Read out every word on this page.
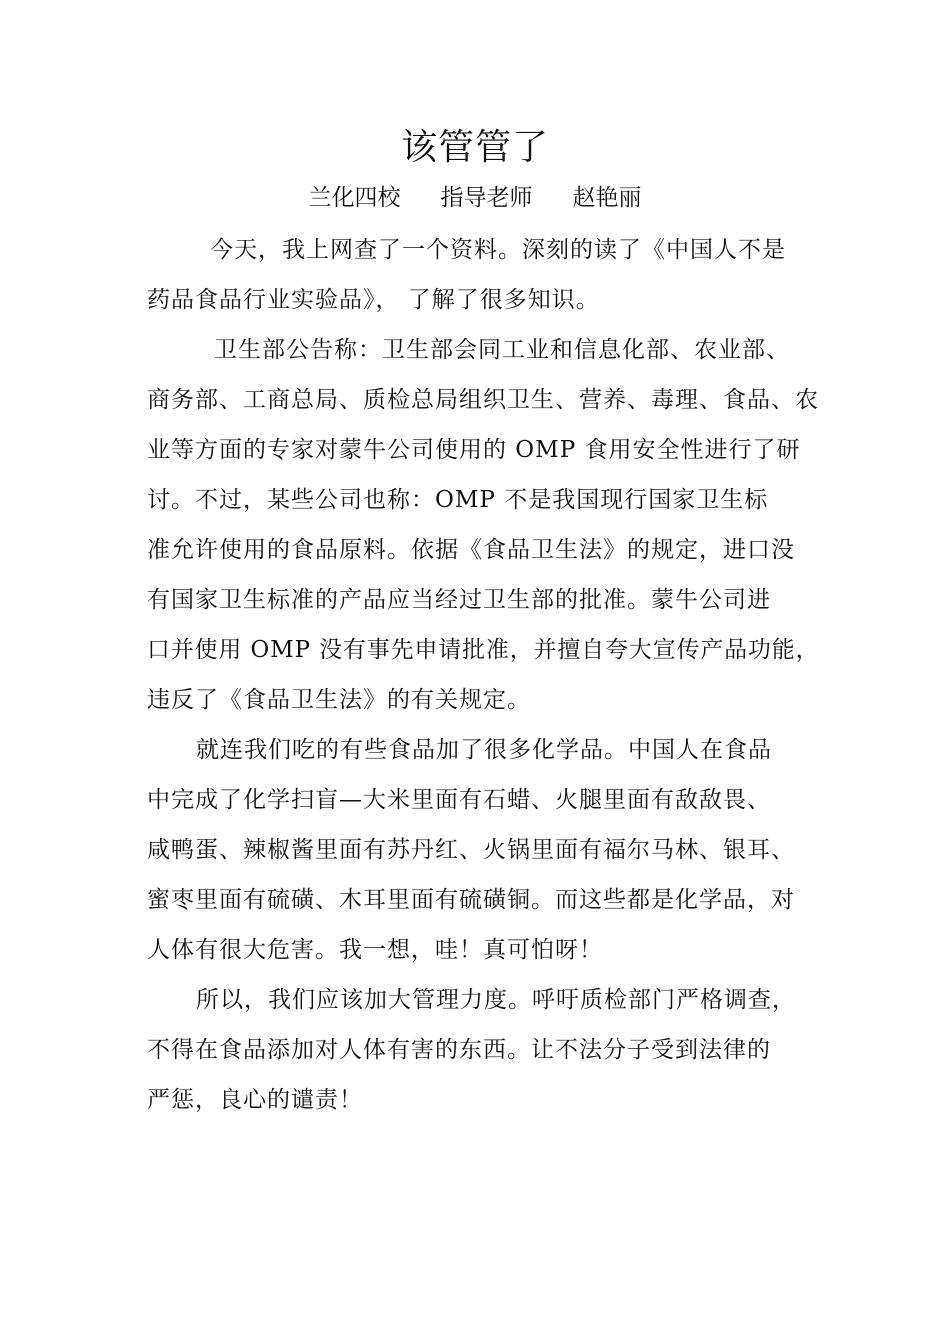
该管管了
兰化四校 指导老师 赵艳丽
今天，我上网查了一个资料。深刻的读了《中国人不是
药品食品行业实验品》， 了解了很多知识。
卫生部公告称：卫生部会同工业和信息化部、农业部、
商务部、工商总局、质检总局组织卫生、营养、毒理、食品、农
业等方面的专家对蒙牛公司使用的 OMP 食用安全性进行了研
讨。不过，某些公司也称：OMP 不是我国现行国家卫生标
准允许使用的食品原料。依据《食品卫生法》的规定，进口没
有国家卫生标准的产品应当经过卫生部的批准。蒙牛公司进
口并使用 OMP 没有事先申请批准，并擅自夸大宣传产品功能，
违反了《食品卫生法》的有关规定。
就连我们吃的有些食品加了很多化学品。中国人在食品
中完成了化学扫盲—大米里面有石蜡、火腿里面有敌敌畏、
咸鸭蛋、辣椒酱里面有苏丹红、火锅里面有福尔马林、银耳、
蜜枣里面有硫磺、木耳里面有硫磺铜。而这些都是化学品，对
人体有很大危害。我一想，哇！真可怕呀！
所以，我们应该加大管理力度。呼吁质检部门严格调查，
不得在食品添加对人体有害的东西。让不法分子受到法律的
严惩，良心的谴责！
